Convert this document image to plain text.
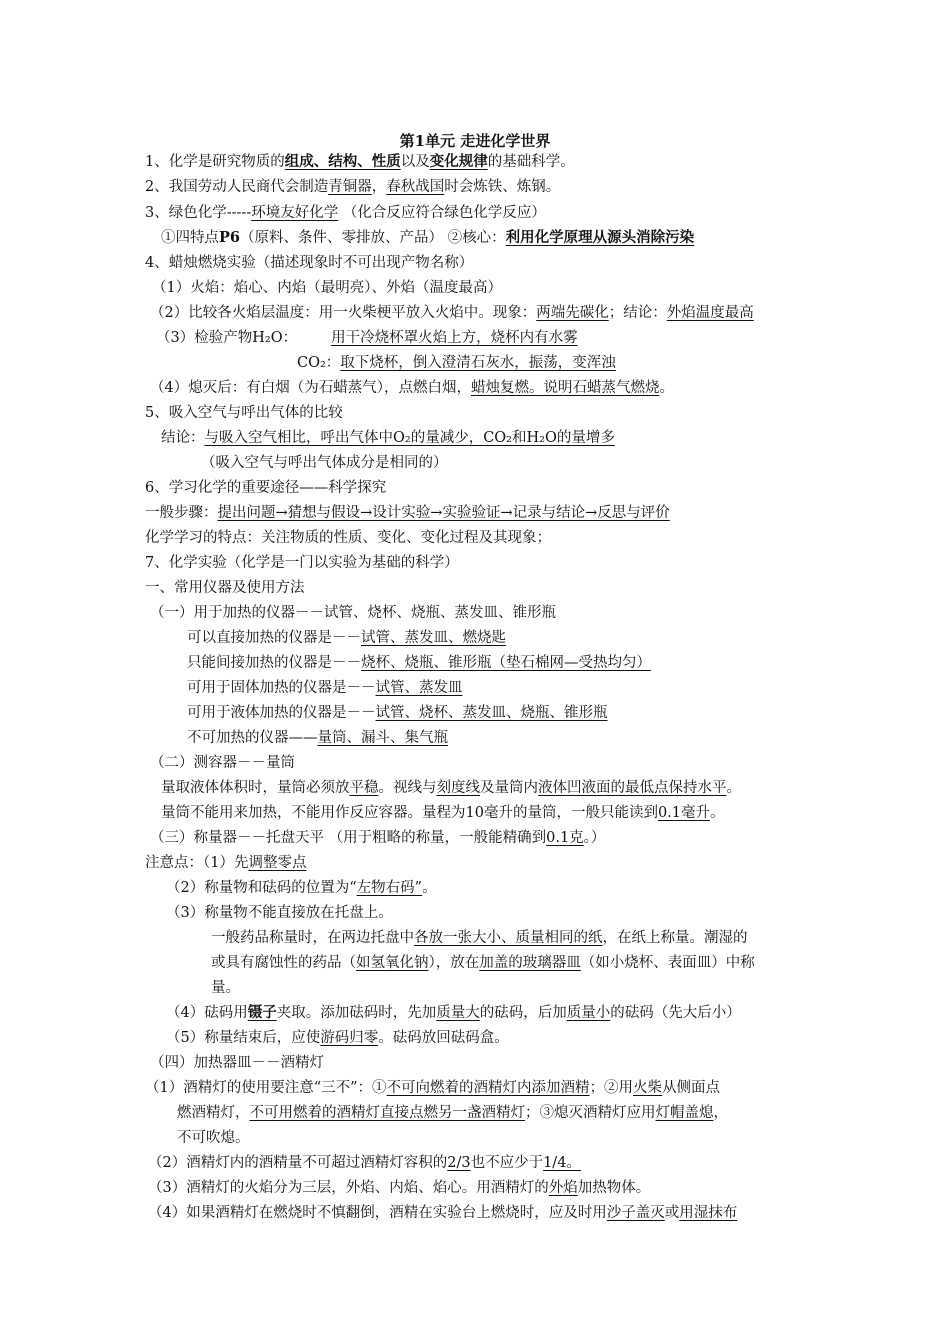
第1单元 走进化学世界
1、化学是研究物质的组成、结构、性质以及变化规律的基础科学。
2、我国劳动人民商代会制造青铜器，春秋战国时会炼铁、炼钢。
3、绿色化学-----环境友好化学 （化合反应符合绿色化学反应）
①四特点P6（原料、条件、零排放、产品） ②核心：利用化学原理从源头消除污染
4、蜡烛燃烧实验（描述现象时不可出现产物名称）
（1）火焰：焰心、内焰（最明亮）、外焰（温度最高）
（2）比较各火焰层温度：用一火柴梗平放入火焰中。现象：两端先碳化；结论：外焰温度最高
（3）检验产物H₂O： 用干冷烧杯罩火焰上方，烧杯内有水雾
CO₂：取下烧杯，倒入澄清石灰水，振荡，变浑浊
（4）熄灭后：有白烟（为石蜡蒸气），点燃白烟，蜡烛复燃。说明石蜡蒸气燃烧。
5、吸入空气与呼出气体的比较
结论：与吸入空气相比，呼出气体中O₂的量减少，CO₂和H₂O的量增多
（吸入空气与呼出气体成分是相同的）
6、学习化学的重要途径——科学探究
一般步骤：提出问题→猜想与假设→设计实验→实验验证→记录与结论→反思与评价
化学学习的特点：关注物质的性质、变化、变化过程及其现象；
7、化学实验（化学是一门以实验为基础的科学）
一、常用仪器及使用方法
（一）用于加热的仪器－－试管、烧杯、烧瓶、蒸发皿、锥形瓶
可以直接加热的仪器是－－试管、蒸发皿、燃烧匙
只能间接加热的仪器是－－烧杯、烧瓶、锥形瓶（垫石棉网—受热均匀）
可用于固体加热的仪器是－－试管、蒸发皿
可用于液体加热的仪器是－－试管、烧杯、蒸发皿、烧瓶、锥形瓶
不可加热的仪器——量筒、漏斗、集气瓶
（二）测容器－－量筒
量取液体体积时，量筒必须放平稳。视线与刻度线及量筒内液体凹液面的最低点保持水平。
量筒不能用来加热，不能用作反应容器。量程为10毫升的量筒，一般只能读到0.1毫升。
（三）称量器－－托盘天平 （用于粗略的称量，一般能精确到0.1克。）
注意点：（1）先调整零点
（2）称量物和砝码的位置为“左物右码”。
（3）称量物不能直接放在托盘上。
一般药品称量时，在两边托盘中各放一张大小、质量相同的纸，在纸上称量。潮湿的
或具有腐蚀性的药品（如氢氧化钠），放在加盖的玻璃器皿（如小烧杯、表面皿）中称
量。
（4）砝码用镊子夹取。添加砝码时，先加质量大的砝码，后加质量小的砝码（先大后小）
（5）称量结束后，应使游码归零。砝码放回砝码盒。
（四）加热器皿－－酒精灯
（1）酒精灯的使用要注意“三不”：①不可向燃着的酒精灯内添加酒精；②用火柴从侧面点
燃酒精灯，不可用燃着的酒精灯直接点燃另一盏酒精灯；③熄灭酒精灯应用灯帽盖熄，
不可吹熄。
（2）酒精灯内的酒精量不可超过酒精灯容积的2/3也不应少于1/4。
（3）酒精灯的火焰分为三层，外焰、内焰、焰心。用酒精灯的外焰加热物体。
（4）如果酒精灯在燃烧时不慎翻倒，酒精在实验台上燃烧时，应及时用沙子盖灭或用湿抹布
